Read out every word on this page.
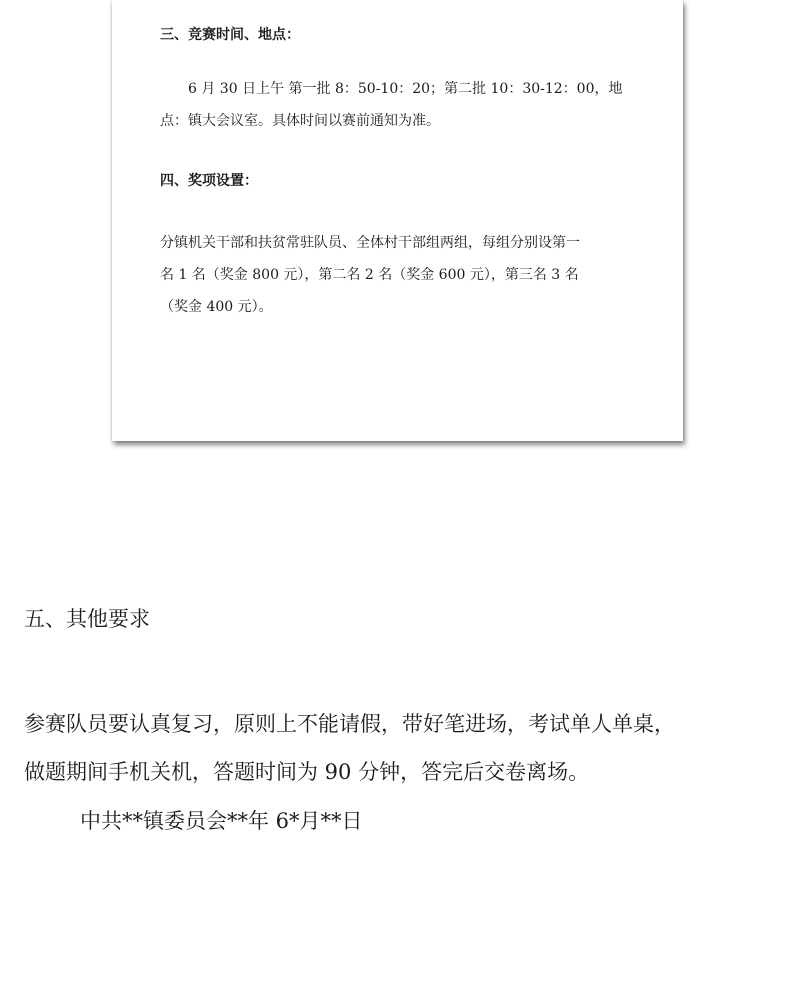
三、竞赛时间、地点：
6 月 30 日上午 第一批 8：50-10：20；第二批 10：30-12：00，地
点：镇大会议室。具体时间以赛前通知为准。
四、奖项设置：
分镇机关干部和扶贫常驻队员、全体村干部组两组，每组分别设第一
名 1 名（奖金 800 元），第二名 2 名（奖金 600 元），第三名 3 名
（奖金 400 元）。
五、其他要求
参赛队员要认真复习，原则上不能请假，带好笔进场，考试单人单桌，
做题期间手机关机，答题时间为 90 分钟，答完后交卷离场。
中共**镇委员会**年 6*月**日
